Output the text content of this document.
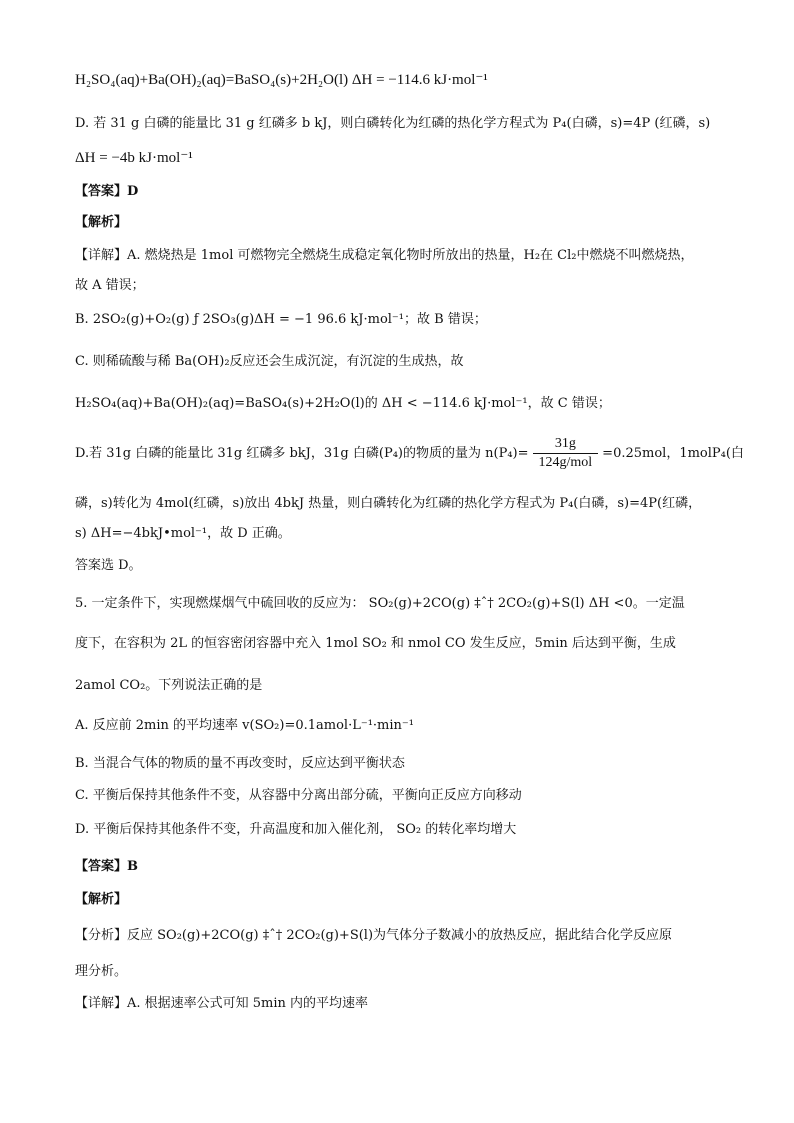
H₂SO₄(aq)+Ba(OH)₂(aq)=BaSO₄(s)+2H₂O(l) ΔH = −114.6 kJ·mol⁻¹
D. 若 31 g 白磷的能量比 31 g 红磷多 b kJ，则白磷转化为红磷的热化学方程式为 P₄(白磷，s)=4P (红磷，s)
ΔH = −4b kJ·mol⁻¹
【答案】D
【解析】
【详解】A. 燃烧热是 1mol 可燃物完全燃烧生成稳定氧化物时所放出的热量，H₂在 Cl₂中燃烧不叫燃烧热，
故 A 错误；
B. 2SO₂(g)+O₂(g) ƒ 2SO₃(g)ΔH = −1 96.6 kJ·mol⁻¹；故 B 错误；
C. 则稀硫酸与稀 Ba(OH)₂反应还会生成沉淀，有沉淀的生成热，故
H₂SO₄(aq)+Ba(OH)₂(aq)=BaSO₄(s)+2H₂O(l)的 ΔH < −114.6 kJ·mol⁻¹，故 C 错误；
D.若 31g 白磷的能量比 31g 红磷多 bkJ，31g 白磷(P₄)的物质的量为 $n(P_4)= \frac{31g}{\text{124g/mol}} =0.25mol$，1molP₄(白
磷，s)转化为 4mol(红磷，s)放出 4bkJ 热量，则白磷转化为红磷的热化学方程式为 P₄(白磷，s)=4P(红磷，
s) ΔH=−4bkJ•mol⁻¹，故 D 正确。
答案选 D。
5. 一定条件下，实现燃煤烟气中硫回收的反应为： SO₂(g)+2CO(g) ‡ˆ† 2CO₂(g)+S(l) ΔH <0。一定温
度下，在容积为 2L 的恒容密闭容器中充入 1mol SO₂ 和 nmol CO 发生反应，5min 后达到平衡，生成
2amol CO₂。下列说法正确的是
A. 反应前 2min 的平均速率 v(SO₂)=0.1amol·L⁻¹·min⁻¹
B. 当混合气体的物质的量不再改变时，反应达到平衡状态
C. 平衡后保持其他条件不变，从容器中分离出部分硫，平衡向正反应方向移动
D. 平衡后保持其他条件不变，升高温度和加入催化剂， SO₂ 的转化率均增大
【答案】B
【解析】
【分析】反应 SO₂(g)+2CO(g) ‡ˆ† 2CO₂(g)+S(l)为气体分子数减小的放热反应，据此结合化学反应原
理分析。
【详解】A. 根据速率公式可知 5min 内的平均速率
